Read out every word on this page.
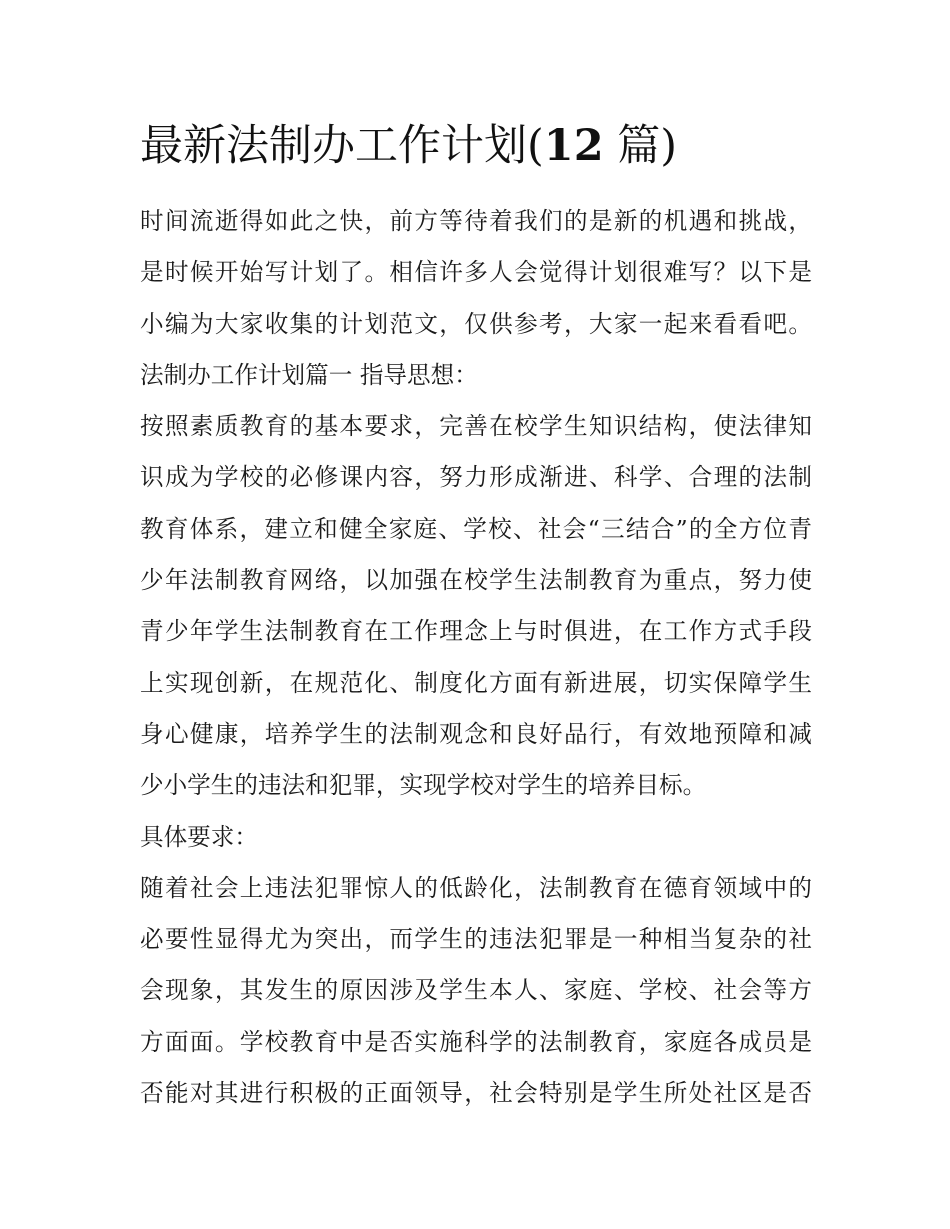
最新法制办工作计划(12 篇)
时间流逝得如此之快，前方等待着我们的是新的机遇和挑战，
是时候开始写计划了。相信许多人会觉得计划很难写？以下是
小编为大家收集的计划范文，仅供参考，大家一起来看看吧。
法制办工作计划篇一 指导思想：
按照素质教育的基本要求，完善在校学生知识结构，使法律知
识成为学校的必修课内容，努力形成渐进、科学、合理的法制
教育体系，建立和健全家庭、学校、社会“三结合”的全方位青
少年法制教育网络，以加强在校学生法制教育为重点，努力使
青少年学生法制教育在工作理念上与时俱进，在工作方式手段
上实现创新，在规范化、制度化方面有新进展，切实保障学生
身心健康，培养学生的法制观念和良好品行，有效地预障和减
少小学生的违法和犯罪，实现学校对学生的培养目标。
具体要求：
随着社会上违法犯罪惊人的低龄化，法制教育在德育领域中的
必要性显得尤为突出，而学生的违法犯罪是一种相当复杂的社
会现象，其发生的原因涉及学生本人、家庭、学校、社会等方
方面面。学校教育中是否实施科学的法制教育，家庭各成员是
否能对其进行积极的正面领导，社会特别是学生所处社区是否
